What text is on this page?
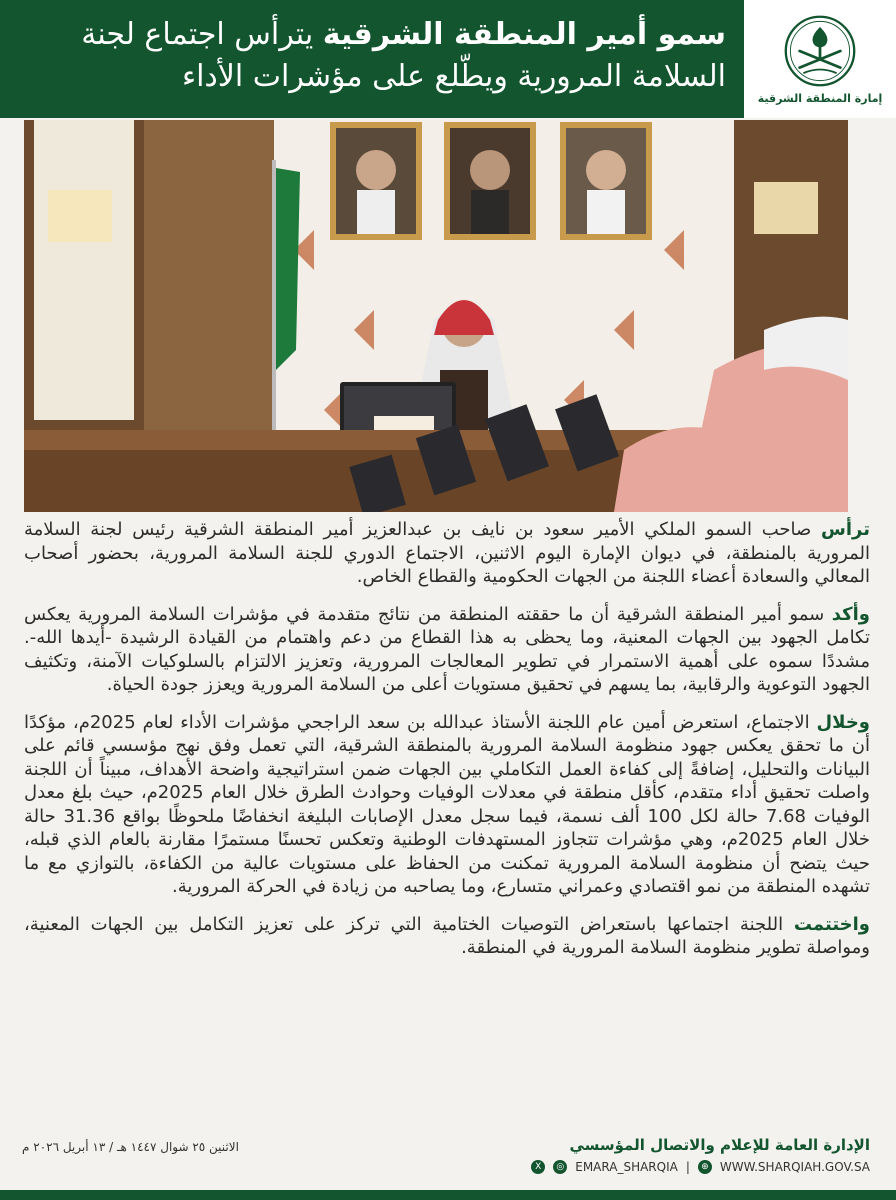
سمو أمير المنطقة الشرقية يترأس اجتماع لجنة السلامة المرورية ويطّلع على مؤشرات الأداء
إمارة المنطقة الشرقية

ترأس صاحب السمو الملكي الأمير سعود بن نايف بن عبدالعزيز أمير المنطقة الشرقية رئيس لجنة السلامة المرورية بالمنطقة، في ديوان الإمارة اليوم الاثنين، الاجتماع الدوري للجنة السلامة المرورية، بحضور أصحاب المعالي والسعادة أعضاء اللجنة من الجهات الحكومية والقطاع الخاص.

وأكد سمو أمير المنطقة الشرقية أن ما حققته المنطقة من نتائج متقدمة في مؤشرات السلامة المرورية يعكس تكامل الجهود بين الجهات المعنية، وما يحظى به هذا القطاع من دعم واهتمام من القيادة الرشيدة -أيدها الله-. مشددًا سموه على أهمية الاستمرار في تطوير المعالجات المرورية، وتعزيز الالتزام بالسلوكيات الآمنة، وتكثيف الجهود التوعوية والرقابية، بما يسهم في تحقيق مستويات أعلى من السلامة المرورية ويعزز جودة الحياة.

وخلال الاجتماع، استعرض أمين عام اللجنة الأستاذ عبدالله بن سعد الراجحي مؤشرات الأداء لعام 2025م، مؤكدًا أن ما تحقق يعكس جهود منظومة السلامة المرورية بالمنطقة الشرقية، التي تعمل وفق نهج مؤسسي قائم على البيانات والتحليل، إضافةً إلى كفاءة العمل التكاملي بين الجهات ضمن استراتيجية واضحة الأهداف، مبيناً أن اللجنة واصلت تحقيق أداء متقدم، كأقل منطقة في معدلات الوفيات وحوادث الطرق خلال العام 2025م، حيث بلغ معدل الوفيات 7.68 حالة لكل 100 ألف نسمة، فيما سجل معدل الإصابات البليغة انخفاضًا ملحوظًا بواقع 31.36 حالة خلال العام 2025م، وهي مؤشرات تتجاوز المستهدفات الوطنية وتعكس تحسنًا مستمرًا مقارنة بالعام الذي قبله، حيث يتضح أن منظومة السلامة المرورية تمكنت من الحفاظ على مستويات عالية من الكفاءة، بالتوازي مع ما تشهده المنطقة من نمو اقتصادي وعمراني متسارع، وما يصاحبه من زيادة في الحركة المرورية.

واختتمت اللجنة اجتماعها باستعراض التوصيات الختامية التي تركز على تعزيز التكامل بين الجهات المعنية، ومواصلة تطوير منظومة السلامة المرورية في المنطقة.

الاثنين ٢٥ شوال ١٤٤٧ هـ / ١٣ أبريل ٢٠٢٦ م	الإدارة العامة للإعلام والاتصال المؤسسي
X	◎ EMARA_SHARQIA |	⊕ WWW.SHARQIAH.GOV.SA
